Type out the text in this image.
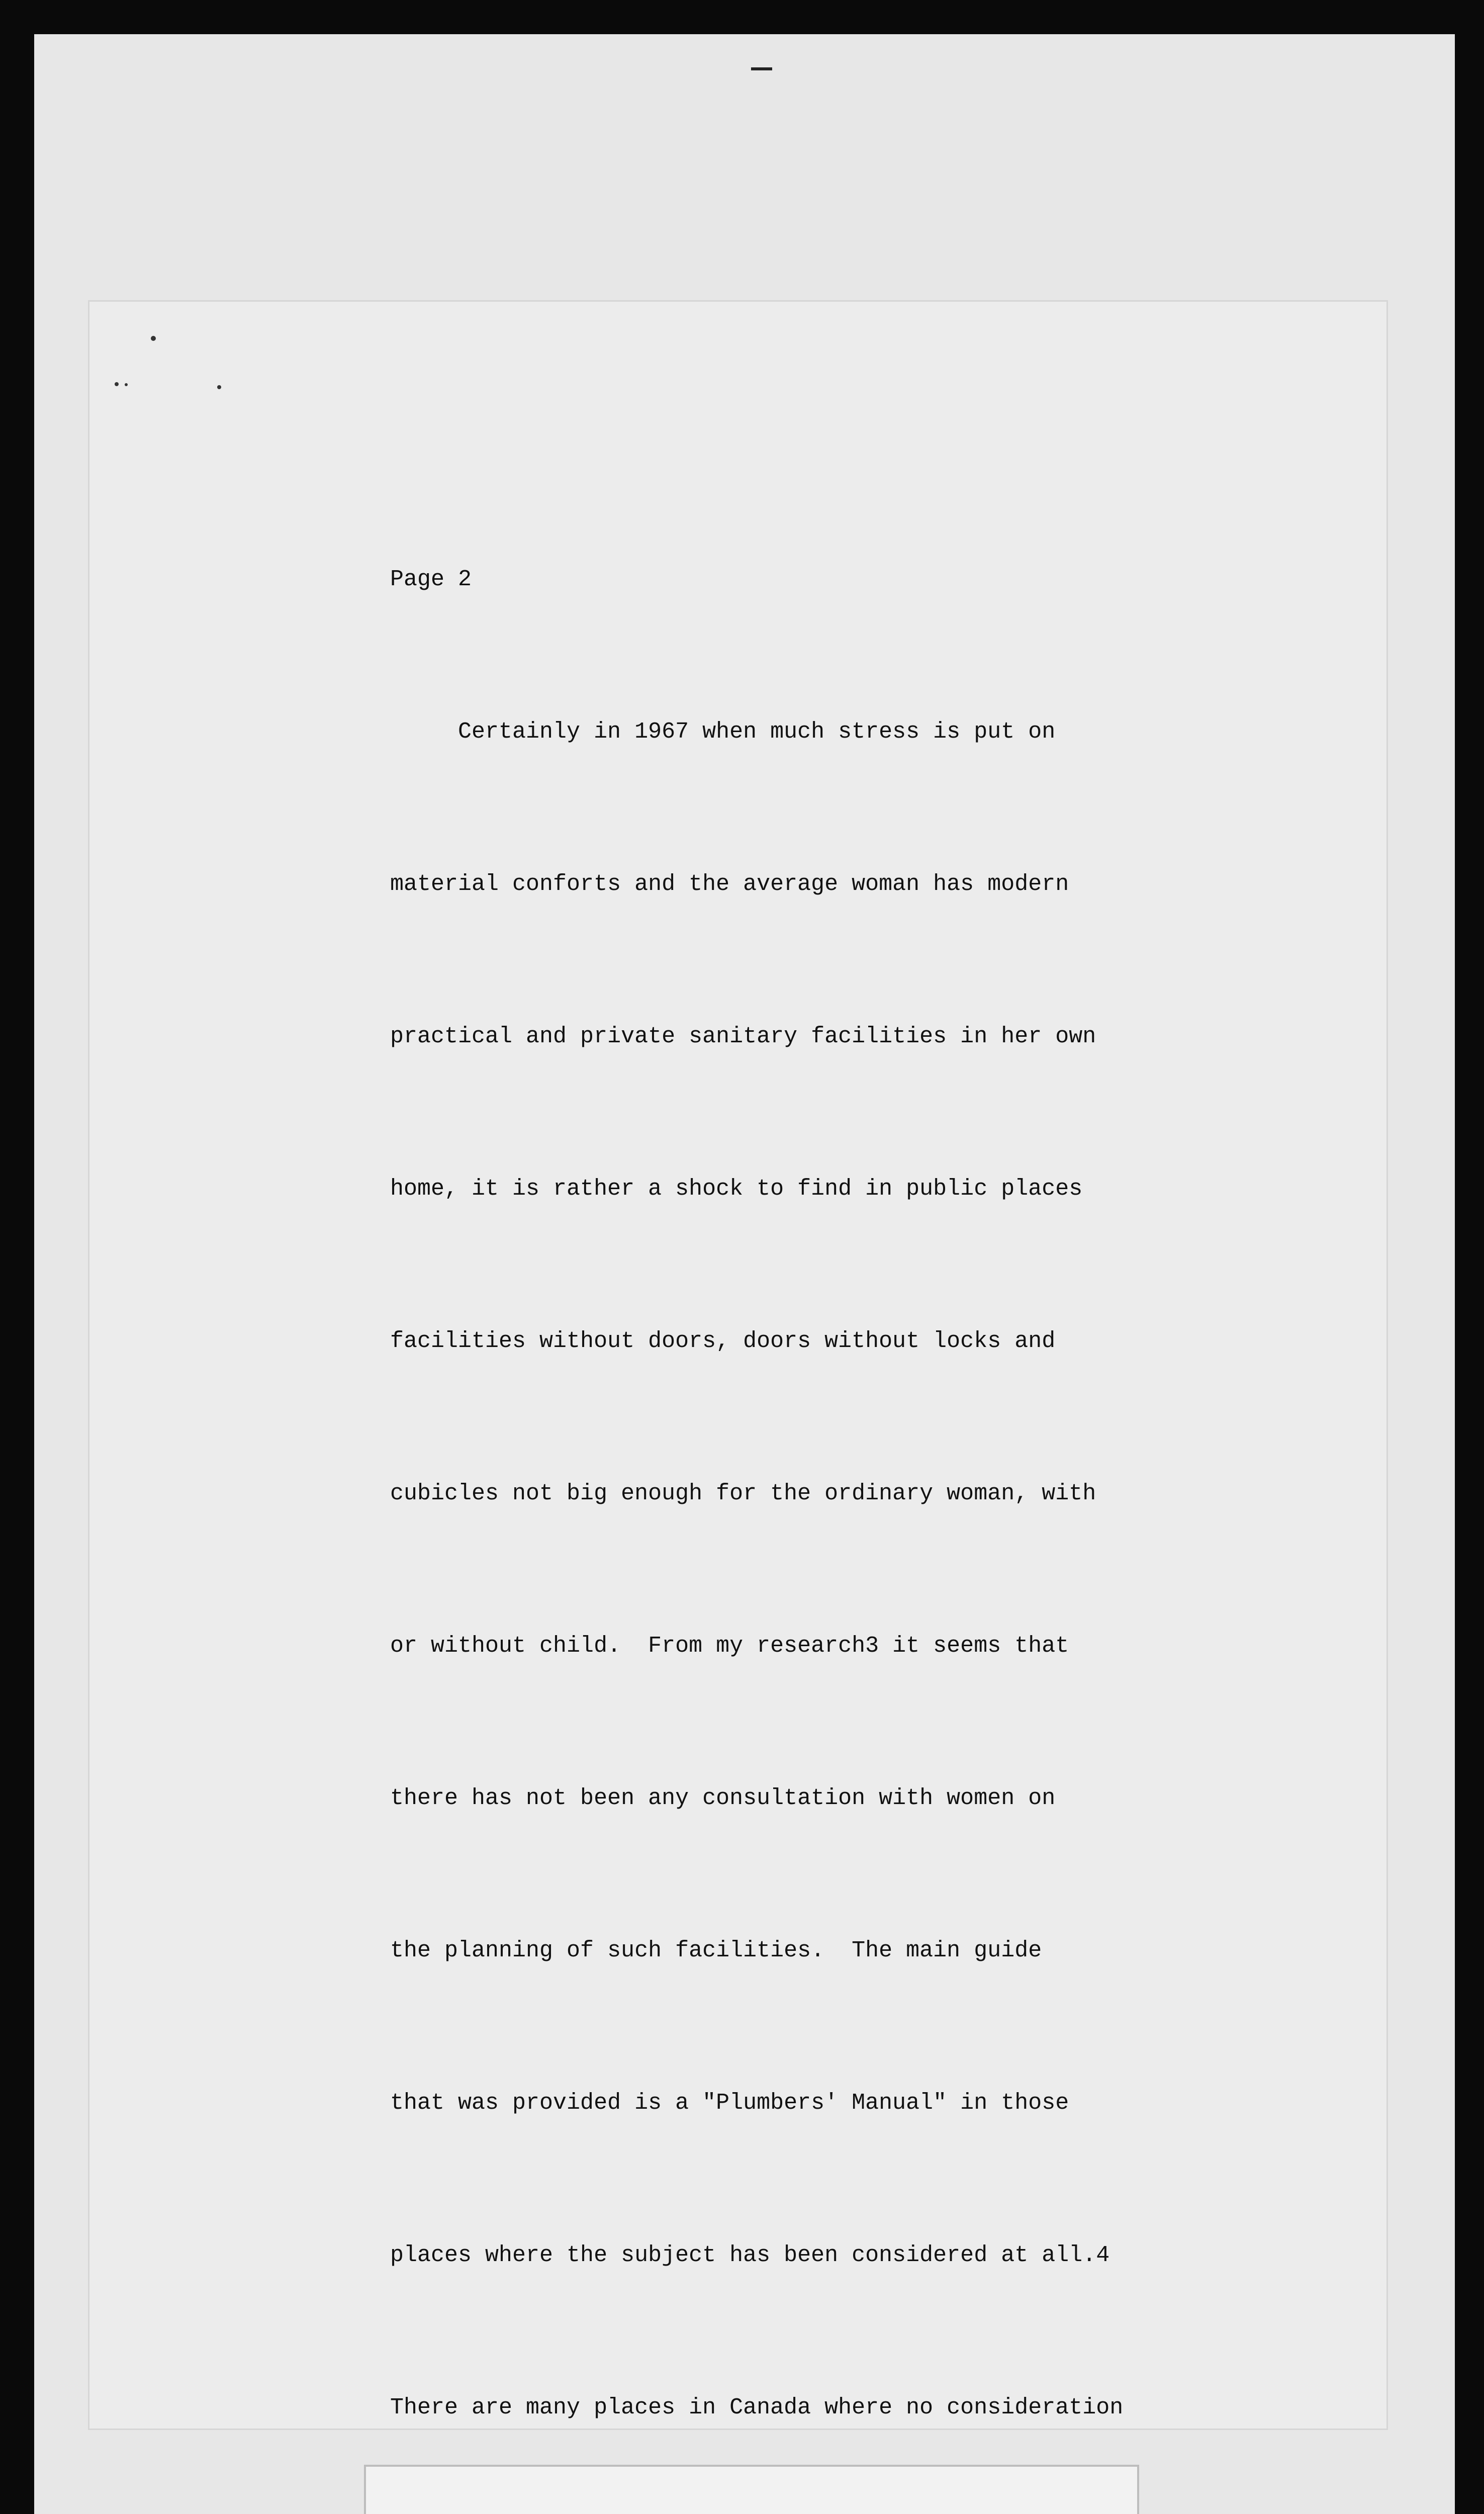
Page 2

Certainly in 1967 when much stress is put on

material conforts and the average woman has modern

practical and private sanitary facilities in her own

home, it is rather a shock to find in public places

facilities without doors, doors without locks and

cubicles not big enough for the ordinary woman, with

or without child.  From my research3 it seems that

there has not been any consultation with women on

the planning of such facilities.  The main guide

that was provided is a "Plumbers' Manual" in those

places where the subject has been considered at all.4

There are many places in Canada where no consideration
